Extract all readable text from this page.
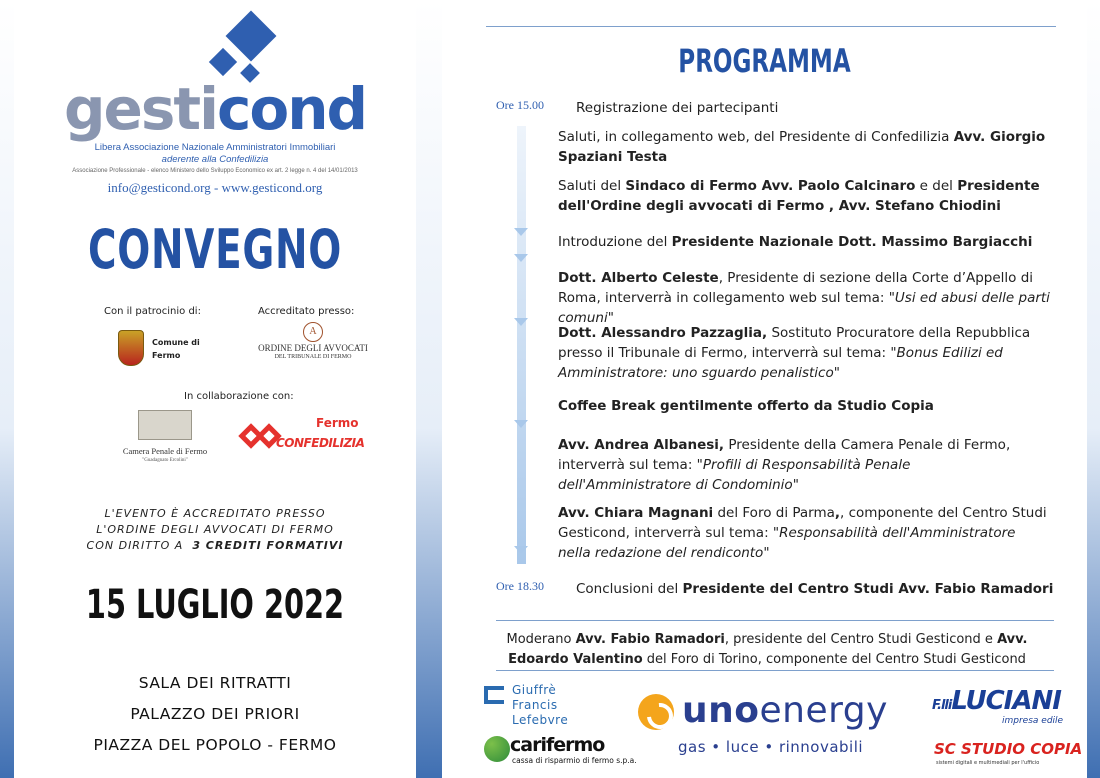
gesticond
Libera Associazione Nazionale Amministratori Immobiliari
aderente alla Confedilizia
Associazione Professionale - elenco Ministero dello Sviluppo Economico ex art. 2 legge n. 4 del 14/01/2013
info@gesticond.org - www.gesticond.org
CONVEGNO
Con il patrocinio di:	Accreditato presso:
Comune di Fermo
A
ORDINE DEGLI AVVOCATI
DEL TRIBUNALE DI FERMO
In collaborazione con:
Camera Penale di Fermo
"Guadagnato Ercolini"
Fermo
CONFEDILIZIA
L'EVENTO È ACCREDITATO PRESSO
L'ORDINE DEGLI AVVOCATI DI FERMO
CON DIRITTO A 3 CREDITI FORMATIVI
15 LUGLIO 2022
SALA DEI RITRATTI
PALAZZO DEI PRIORI
PIAZZA DEL POPOLO - FERMO
PROGRAMMA
Ore 15.00 Registrazione dei partecipanti
Saluti, in collegamento web, del Presidente di Confedilizia Avv. Giorgio Spaziani Testa
Saluti del Sindaco di Fermo Avv. Paolo Calcinaro e del Presidente dell'Ordine degli avvocati di Fermo , Avv. Stefano Chiodini
Introduzione del Presidente Nazionale Dott. Massimo Bargiacchi
Dott. Alberto Celeste, Presidente di sezione della Corte d’Appello di Roma, interverrà in collegamento web sul tema: "Usi ed abusi delle parti comuni"
Dott. Alessandro Pazzaglia, Sostituto Procuratore della Repubblica presso il Tribunale di Fermo, interverrà sul tema: "Bonus Edilizi ed Amministratore: uno sguardo penalistico"
Coffee Break gentilmente offerto da Studio Copia
Avv. Andrea Albanesi, Presidente della Camera Penale di Fermo, interverrà sul tema: "Profili di Responsabilità Penale dell'Amministratore di Condominio"
Avv. Chiara Magnani del Foro di Parma,, componente del Centro Studi Gesticond, interverrà sul tema: "Responsabilità dell'Amministratore nella redazione del rendiconto"
Ore 18.30 Conclusioni del Presidente del Centro Studi Avv. Fabio Ramadori
Moderano Avv. Fabio Ramadori, presidente del Centro Studi Gesticond e Avv. Edoardo Valentino del Foro di Torino, componente del Centro Studi Gesticond
Giuffrè
Francis
Lefebvre
carifermo
cassa di risparmio di fermo s.p.a.
unoenergy
gas • luce • rinnovabili
F.lliLUCIANI
impresa edile
SC STUDIO COPIA
sistemi digitali e multimediali per l'ufficio
